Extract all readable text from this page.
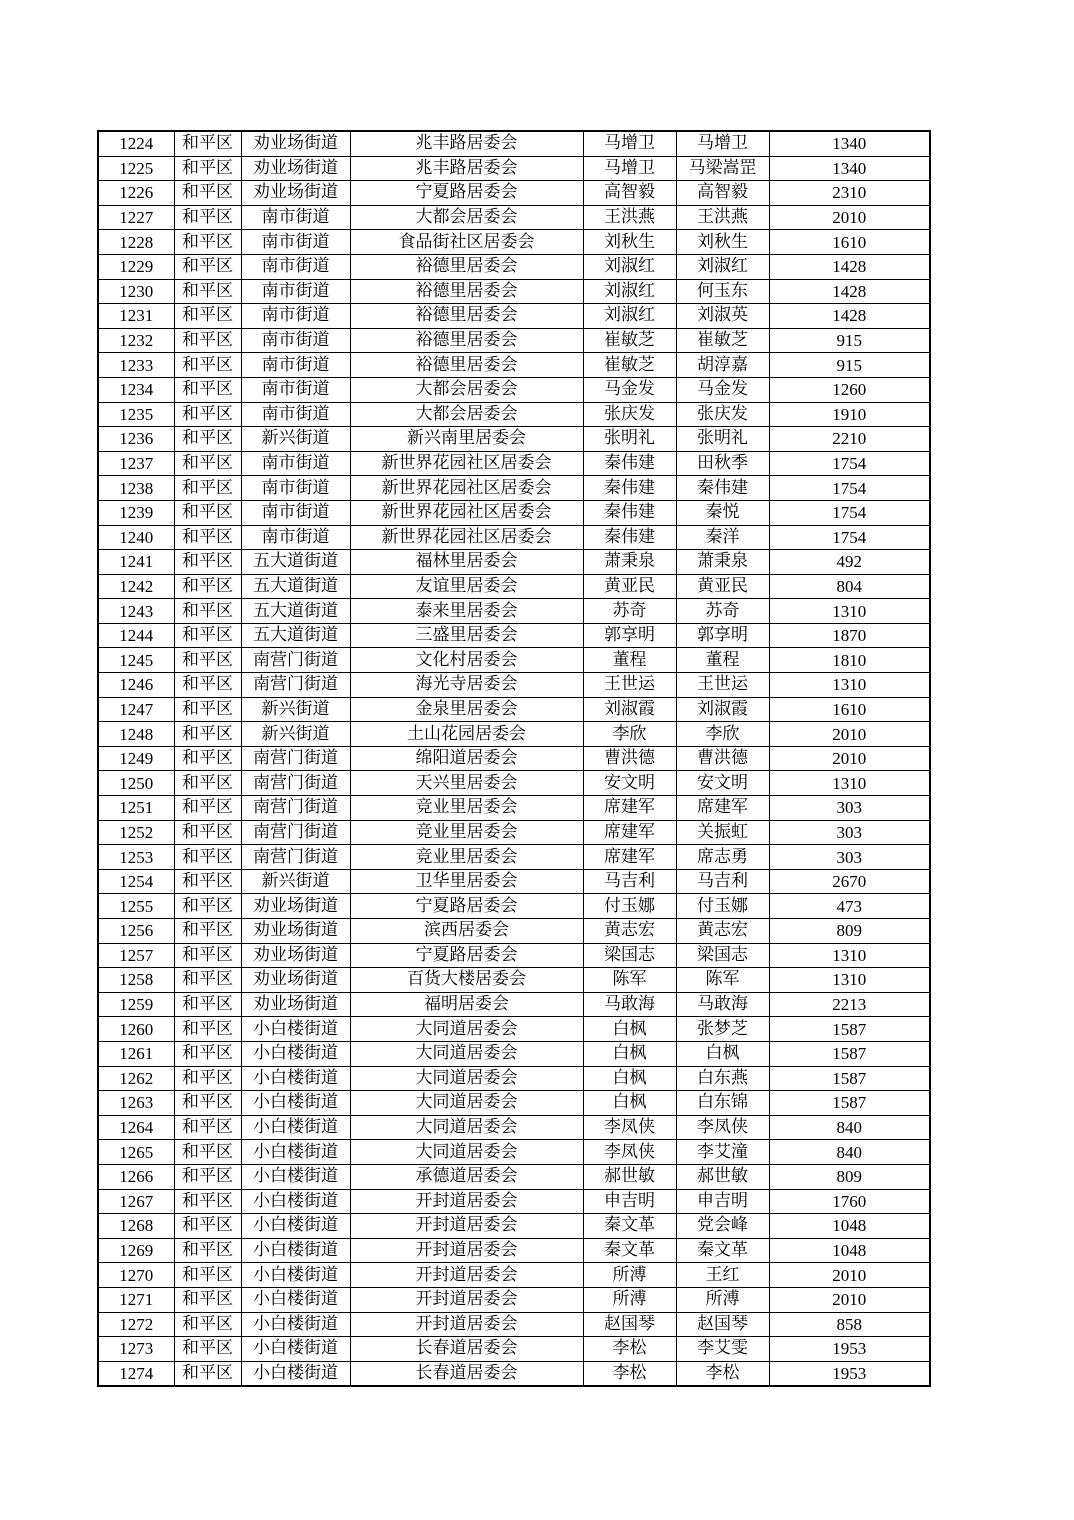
1224	和平区	劝业场街道	兆丰路居委会	马增卫	马增卫	1340
1225	和平区	劝业场街道	兆丰路居委会	马增卫	马梁嵩罡	1340
1226	和平区	劝业场街道	宁夏路居委会	高智毅	高智毅	2310
1227	和平区	南市街道	大都会居委会	王洪燕	王洪燕	2010
1228	和平区	南市街道	食品街社区居委会	刘秋生	刘秋生	1610
1229	和平区	南市街道	裕德里居委会	刘淑红	刘淑红	1428
1230	和平区	南市街道	裕德里居委会	刘淑红	何玉东	1428
1231	和平区	南市街道	裕德里居委会	刘淑红	刘淑英	1428
1232	和平区	南市街道	裕德里居委会	崔敏芝	崔敏芝	915
1233	和平区	南市街道	裕德里居委会	崔敏芝	胡淳嘉	915
1234	和平区	南市街道	大都会居委会	马金发	马金发	1260
1235	和平区	南市街道	大都会居委会	张庆发	张庆发	1910
1236	和平区	新兴街道	新兴南里居委会	张明礼	张明礼	2210
1237	和平区	南市街道	新世界花园社区居委会	秦伟建	田秋季	1754
1238	和平区	南市街道	新世界花园社区居委会	秦伟建	秦伟建	1754
1239	和平区	南市街道	新世界花园社区居委会	秦伟建	秦悦	1754
1240	和平区	南市街道	新世界花园社区居委会	秦伟建	秦洋	1754
1241	和平区	五大道街道	福林里居委会	萧秉泉	萧秉泉	492
1242	和平区	五大道街道	友谊里居委会	黄亚民	黄亚民	804
1243	和平区	五大道街道	泰来里居委会	苏奇	苏奇	1310
1244	和平区	五大道街道	三盛里居委会	郭享明	郭享明	1870
1245	和平区	南营门街道	文化村居委会	董程	董程	1810
1246	和平区	南营门街道	海光寺居委会	王世运	王世运	1310
1247	和平区	新兴街道	金泉里居委会	刘淑霞	刘淑霞	1610
1248	和平区	新兴街道	土山花园居委会	李欣	李欣	2010
1249	和平区	南营门街道	绵阳道居委会	曹洪德	曹洪德	2010
1250	和平区	南营门街道	天兴里居委会	安文明	安文明	1310
1251	和平区	南营门街道	竞业里居委会	席建军	席建军	303
1252	和平区	南营门街道	竞业里居委会	席建军	关振虹	303
1253	和平区	南营门街道	竞业里居委会	席建军	席志勇	303
1254	和平区	新兴街道	卫华里居委会	马吉利	马吉利	2670
1255	和平区	劝业场街道	宁夏路居委会	付玉娜	付玉娜	473
1256	和平区	劝业场街道	滨西居委会	黄志宏	黄志宏	809
1257	和平区	劝业场街道	宁夏路居委会	梁国志	梁国志	1310
1258	和平区	劝业场街道	百货大楼居委会	陈军	陈军	1310
1259	和平区	劝业场街道	福明居委会	马敢海	马敢海	2213
1260	和平区	小白楼街道	大同道居委会	白枫	张梦芝	1587
1261	和平区	小白楼街道	大同道居委会	白枫	白枫	1587
1262	和平区	小白楼街道	大同道居委会	白枫	白东燕	1587
1263	和平区	小白楼街道	大同道居委会	白枫	白东锦	1587
1264	和平区	小白楼街道	大同道居委会	李凤侠	李凤侠	840
1265	和平区	小白楼街道	大同道居委会	李凤侠	李艾潼	840
1266	和平区	小白楼街道	承德道居委会	郝世敏	郝世敏	809
1267	和平区	小白楼街道	开封道居委会	申吉明	申吉明	1760
1268	和平区	小白楼街道	开封道居委会	秦文革	党会峰	1048
1269	和平区	小白楼街道	开封道居委会	秦文革	秦文革	1048
1270	和平区	小白楼街道	开封道居委会	所溥	王红	2010
1271	和平区	小白楼街道	开封道居委会	所溥	所溥	2010
1272	和平区	小白楼街道	开封道居委会	赵国琴	赵国琴	858
1273	和平区	小白楼街道	长春道居委会	李松	李艾雯	1953
1274	和平区	小白楼街道	长春道居委会	李松	李松	1953
